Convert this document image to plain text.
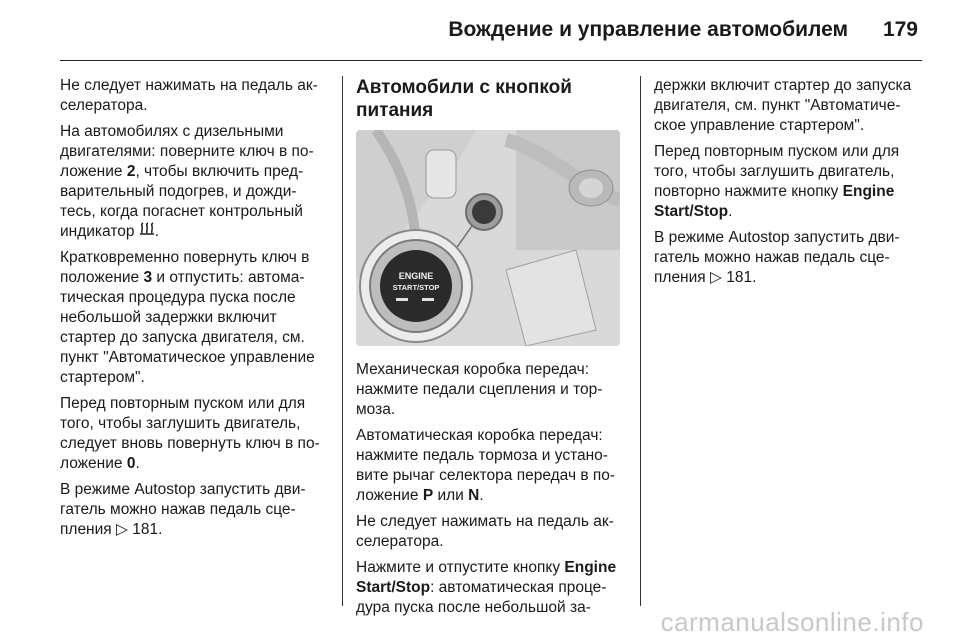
Вождение и управление автомобилем 179

Не следует нажимать на педаль ак- селератора.

На автомобилях с дизельными двигателями: поверните ключ в по- ложение 2, чтобы включить пред- варительный подогрев, и дожди- тесь, когда погаснет контрольный индикатор .

Кратковременно повернуть ключ в положение 3 и отпустить: автома- тическая процедура пуска после небольшой задержки включит стартер до запуска двигателя, см. пункт "Автоматическое управление стартером".

Перед повторным пуском или для того, чтобы заглушить двигатель, следует вновь повернуть ключ в по- ложение 0.

В режиме Autostop запустить дви- гатель можно нажав педаль сце- пления ▷ 181.

Автомобили с кнопкой питания
ENGINE
START/STOP

Механическая коробка передач: нажмите педали сцепления и тор- моза.

Автоматическая коробка передач: нажмите педаль тормоза и устано- вите рычаг селектора передач в по- ложение P или N.

Не следует нажимать на педаль ак- селератора.

Нажмите и отпустите кнопку Engine Start/Stop: автоматическая проце- дура пуска после небольшой за-

держки включит стартер до запуска двигателя, см. пункт "Автоматиче- ское управление стартером".

Перед повторным пуском или для того, чтобы заглушить двигатель, повторно нажмите кнопку Engine Start/Stop.

В режиме Autostop запустить дви- гатель можно нажав педаль сце- пления ▷ 181.

carmanualsonline.info
